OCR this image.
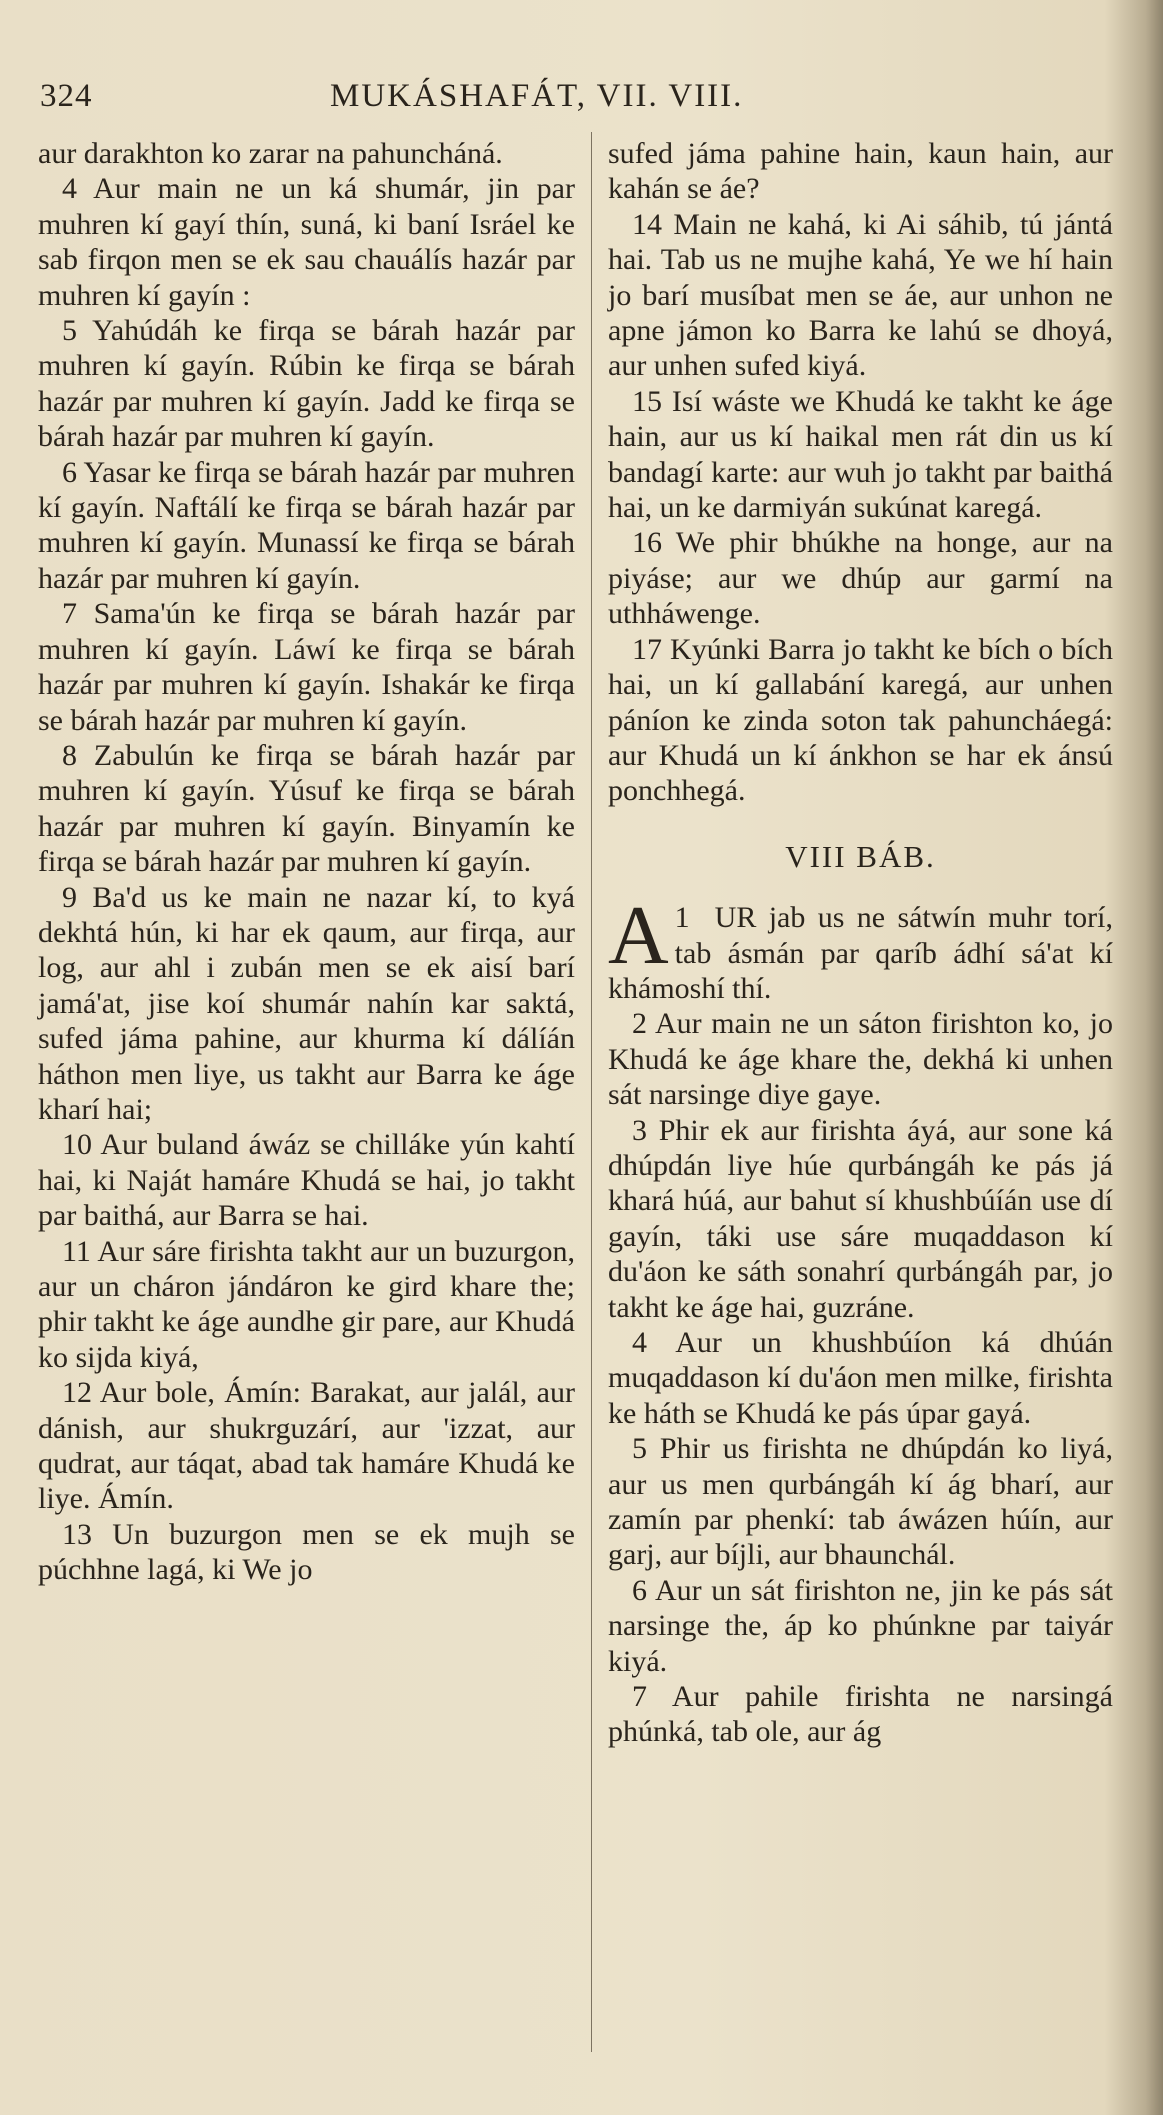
324	MUKÁSHAFÁT, VII. VIII.

aur darakhton ko zarar na pahuncháná.

4 Aur main ne un ká shumár, jin par muhren kí gayí thín, suná, ki baní Isráel ke sab firqon men se ek sau chauálís hazár par muhren kí gayín :

5 Yahúdáh ke firqa se bárah hazár par muhren kí gayín. Rúbin ke firqa se bárah hazár par muhren kí gayín. Jadd ke firqa se bárah hazár par muhren kí gayín.

6 Yasar ke firqa se bárah hazár par muhren kí gayín. Naftálí ke firqa se bárah hazár par muhren kí gayín. Munassí ke firqa se bárah hazár par muhren kí gayín.

7 Sama'ún ke firqa se bárah hazár par muhren kí gayín. Láwí ke firqa se bárah hazár par muhren kí gayín. Ishakár ke firqa se bárah hazár par muhren kí gayín.

8 Zabulún ke firqa se bárah hazár par muhren kí gayín. Yúsuf ke firqa se bárah hazár par muhren kí gayín. Binyamín ke firqa se bárah hazár par muhren kí gayín.

9 Ba'd us ke main ne nazar kí, to kyá dekhtá hún, ki har ek qaum, aur firqa, aur log, aur ahl i zubán men se ek aisí barí jamá'at, jise koí shumár nahín kar saktá, sufed jáma pahine, aur khurma kí dálíán háthon men liye, us takht aur Barra ke áge kharí hai;

10 Aur buland áwáz se chilláke yún kahtí hai, ki Naját hamáre Khudá se hai, jo takht par baithá, aur Barra se hai.

11 Aur sáre firishta takht aur un buzurgon, aur un cháron jándáron ke gird khare the; phir takht ke áge aundhe gir pare, aur Khudá ko sijda kiyá,

12 Aur bole, Ámín: Barakat, aur jalál, aur dánish, aur shukrguzárí, aur 'izzat, aur qudrat, aur táqat, abad tak hamáre Khudá ke liye. Ámín.

13 Un buzurgon men se ek mujh se púchhne lagá, ki We jo

sufed jáma pahine hain, kaun hain, aur kahán se áe?

14 Main ne kahá, ki Ai sáhib, tú jántá hai. Tab us ne mujhe kahá, Ye we hí hain jo barí musíbat men se áe, aur unhon ne apne jámon ko Barra ke lahú se dhoyá, aur unhen sufed kiyá.

15 Isí wáste we Khudá ke takht ke áge hain, aur us kí haikal men rát din us kí bandagí karte: aur wuh jo takht par baithá hai, un ke darmiyán sukúnat karegá.

16 We phir bhúkhe na honge, aur na piyáse; aur we dhúp aur garmí na uthháwenge.

17 Kyúnki Barra jo takht ke bích o bích hai, un kí gallabání karegá, aur unhen páníon ke zinda soton tak pahuncháegá: aur Khudá un kí ánkhon se har ek ánsú ponchhegá.

VIII BÁB.

1
A UR jab us ne sátwín muhr torí, tab ásmán par qaríb ádhí sá'at kí khámoshí thí.

2 Aur main ne un sáton firishton ko, jo Khudá ke áge khare the, dekhá ki unhen sát narsinge diye gaye.

3 Phir ek aur firishta áyá, aur sone ká dhúpdán liye húe qurbángáh ke pás já khará húá, aur bahut sí khushbúíán use dí gayín, táki use sáre muqaddason kí du'áon ke sáth sonahrí qurbángáh par, jo takht ke áge hai, guzráne.

4 Aur un khushbúíon ká dhúán muqaddason kí du'áon men milke, firishta ke háth se Khudá ke pás úpar gayá.

5 Phir us firishta ne dhúpdán ko liyá, aur us men qurbángáh kí ág bharí, aur zamín par phenkí: tab áwázen húín, aur garj, aur bíjli, aur bhaunchál.

6 Aur un sát firishton ne, jin ke pás sát narsinge the, áp ko phúnkne par taiyár kiyá.

7 Aur pahile firishta ne narsingá phúnká, tab ole, aur ág
